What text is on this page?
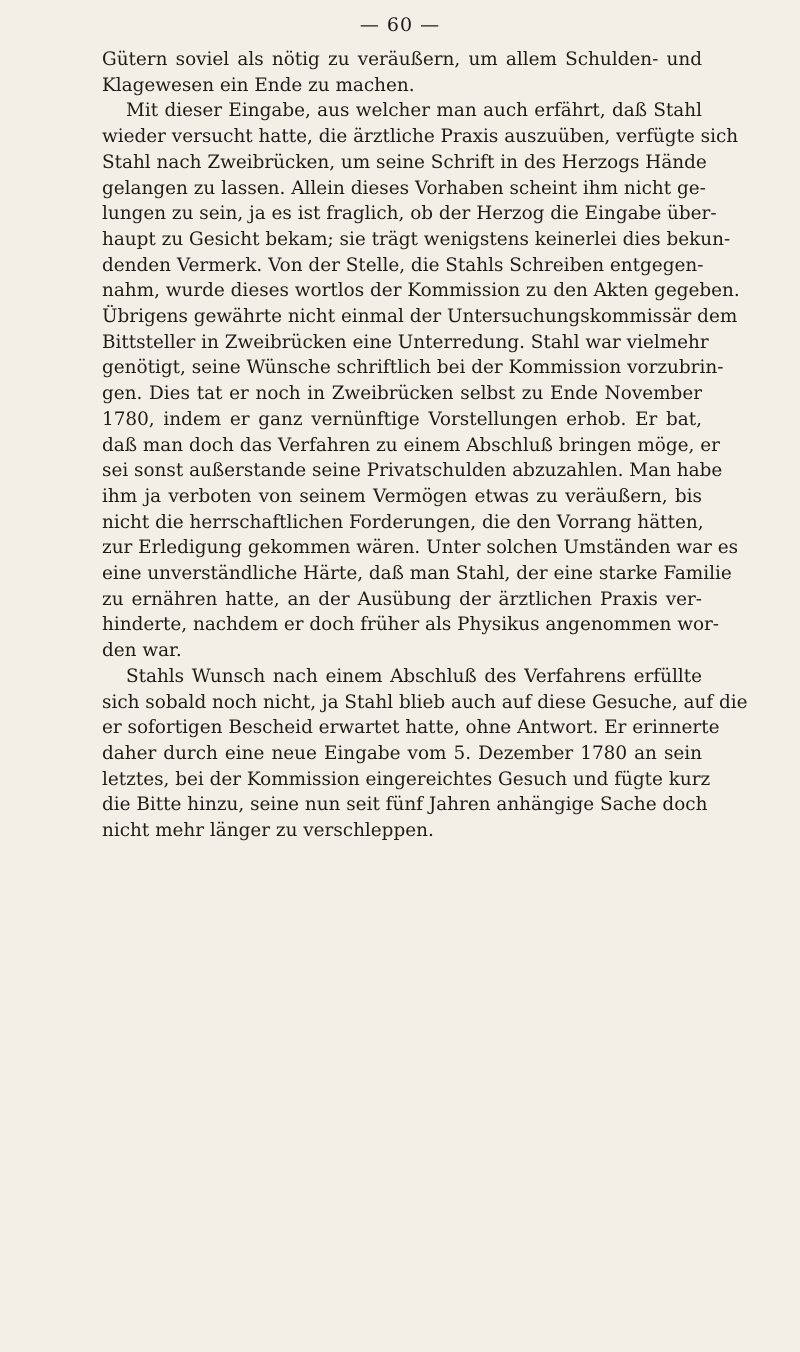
— 60 —
Gütern soviel als nötig zu veräußern, um allem Schulden- und
Klagewesen ein Ende zu machen.
Mit dieser Eingabe, aus welcher man auch erfährt, daß Stahl
wieder versucht hatte, die ärztliche Praxis auszuüben, verfügte sich
Stahl nach Zweibrücken, um seine Schrift in des Herzogs Hände
gelangen zu lassen. Allein dieses Vorhaben scheint ihm nicht ge-
lungen zu sein, ja es ist fraglich, ob der Herzog die Eingabe über-
haupt zu Gesicht bekam; sie trägt wenigstens keinerlei dies bekun-
denden Vermerk. Von der Stelle, die Stahls Schreiben entgegen-
nahm, wurde dieses wortlos der Kommission zu den Akten gegeben.
Übrigens gewährte nicht einmal der Untersuchungskommissär dem
Bittsteller in Zweibrücken eine Unterredung. Stahl war vielmehr
genötigt, seine Wünsche schriftlich bei der Kommission vorzubrin-
gen. Dies tat er noch in Zweibrücken selbst zu Ende November
1780, indem er ganz vernünftige Vorstellungen erhob. Er bat,
daß man doch das Verfahren zu einem Abschluß bringen möge, er
sei sonst außerstande seine Privatschulden abzuzahlen. Man habe
ihm ja verboten von seinem Vermögen etwas zu veräußern, bis
nicht die herrschaftlichen Forderungen, die den Vorrang hätten,
zur Erledigung gekommen wären. Unter solchen Umständen war es
eine unverständliche Härte, daß man Stahl, der eine starke Familie
zu ernähren hatte, an der Ausübung der ärztlichen Praxis ver-
hinderte, nachdem er doch früher als Physikus angenommen wor-
den war.
Stahls Wunsch nach einem Abschluß des Verfahrens erfüllte
sich sobald noch nicht, ja Stahl blieb auch auf diese Gesuche, auf die
er sofortigen Bescheid erwartet hatte, ohne Antwort. Er erinnerte
daher durch eine neue Eingabe vom 5. Dezember 1780 an sein
letztes, bei der Kommission eingereichtes Gesuch und fügte kurz
die Bitte hinzu, seine nun seit fünf Jahren anhängige Sache doch
nicht mehr länger zu verschleppen.
